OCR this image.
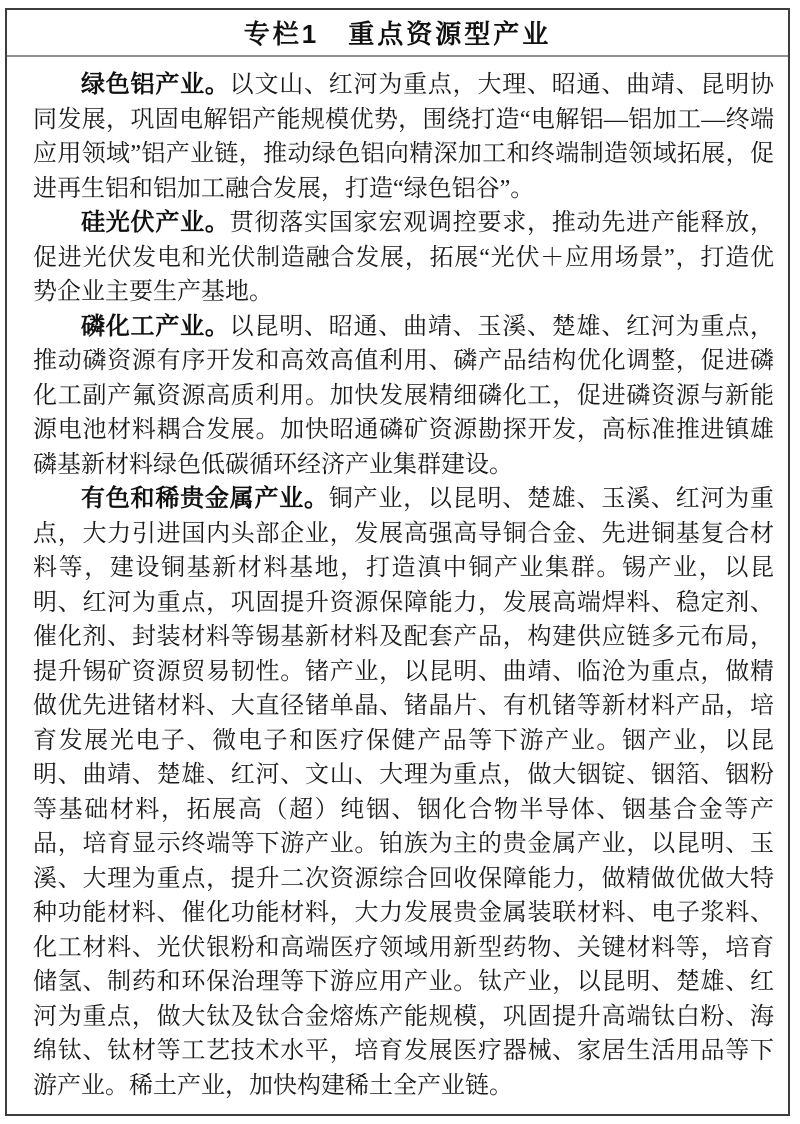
专栏1　重点资源型产业

绿色铝产业。以文山、红河为重点，大理、昭通、曲靖、昆明协同发展，巩固电解铝产能规模优势，围绕打造“电解铝—铝加工—终端应用领域”铝产业链，推动绿色铝向精深加工和终端制造领域拓展，促进再生铝和铝加工融合发展，打造“绿色铝谷”。

硅光伏产业。贯彻落实国家宏观调控要求，推动先进产能释放，促进光伏发电和光伏制造融合发展，拓展“光伏＋应用场景”，打造优势企业主要生产基地。

磷化工产业。以昆明、昭通、曲靖、玉溪、楚雄、红河为重点，推动磷资源有序开发和高效高值利用、磷产品结构优化调整，促进磷化工副产氟资源高质利用。加快发展精细磷化工，促进磷资源与新能源电池材料耦合发展。加快昭通磷矿资源勘探开发，高标准推进镇雄磷基新材料绿色低碳循环经济产业集群建设。

有色和稀贵金属产业。铜产业，以昆明、楚雄、玉溪、红河为重点，大力引进国内头部企业，发展高强高导铜合金、先进铜基复合材料等，建设铜基新材料基地，打造滇中铜产业集群。锡产业，以昆明、红河为重点，巩固提升资源保障能力，发展高端焊料、稳定剂、催化剂、封装材料等锡基新材料及配套产品，构建供应链多元布局，提升锡矿资源贸易韧性。锗产业，以昆明、曲靖、临沧为重点，做精做优先进锗材料、大直径锗单晶、锗晶片、有机锗等新材料产品，培育发展光电子、微电子和医疗保健产品等下游产业。铟产业，以昆明、曲靖、楚雄、红河、文山、大理为重点，做大铟锭、铟箔、铟粉等基础材料，拓展高（超）纯铟、铟化合物半导体、铟基合金等产品，培育显示终端等下游产业。铂族为主的贵金属产业，以昆明、玉溪、大理为重点，提升二次资源综合回收保障能力，做精做优做大特种功能材料、催化功能材料，大力发展贵金属装联材料、电子浆料、化工材料、光伏银粉和高端医疗领域用新型药物、关键材料等，培育储氢、制药和环保治理等下游应用产业。钛产业，以昆明、楚雄、红河为重点，做大钛及钛合金熔炼产能规模，巩固提升高端钛白粉、海绵钛、钛材等工艺技术水平，培育发展医疗器械、家居生活用品等下游产业。稀土产业，加快构建稀土全产业链。
